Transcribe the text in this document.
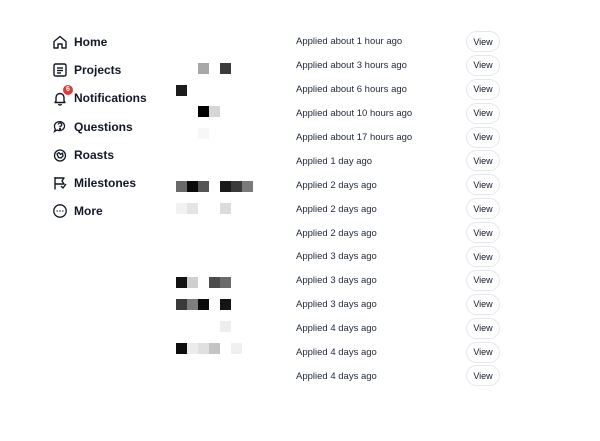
Home
Projects
6
Notifications
Questions
Roasts
Milestones
More
Applied about 1 hour ago	View
Applied about 3 hours ago	View
Applied about 6 hours ago	View
Applied about 10 hours ago	View
Applied about 17 hours ago	View
Applied 1 day ago	View
Applied 2 days ago	View
Applied 2 days ago	View
Applied 2 days ago	View
Applied 3 days ago	View
Applied 3 days ago	View
Applied 3 days ago	View
Applied 4 days ago	View
Applied 4 days ago	View
Applied 4 days ago	View
